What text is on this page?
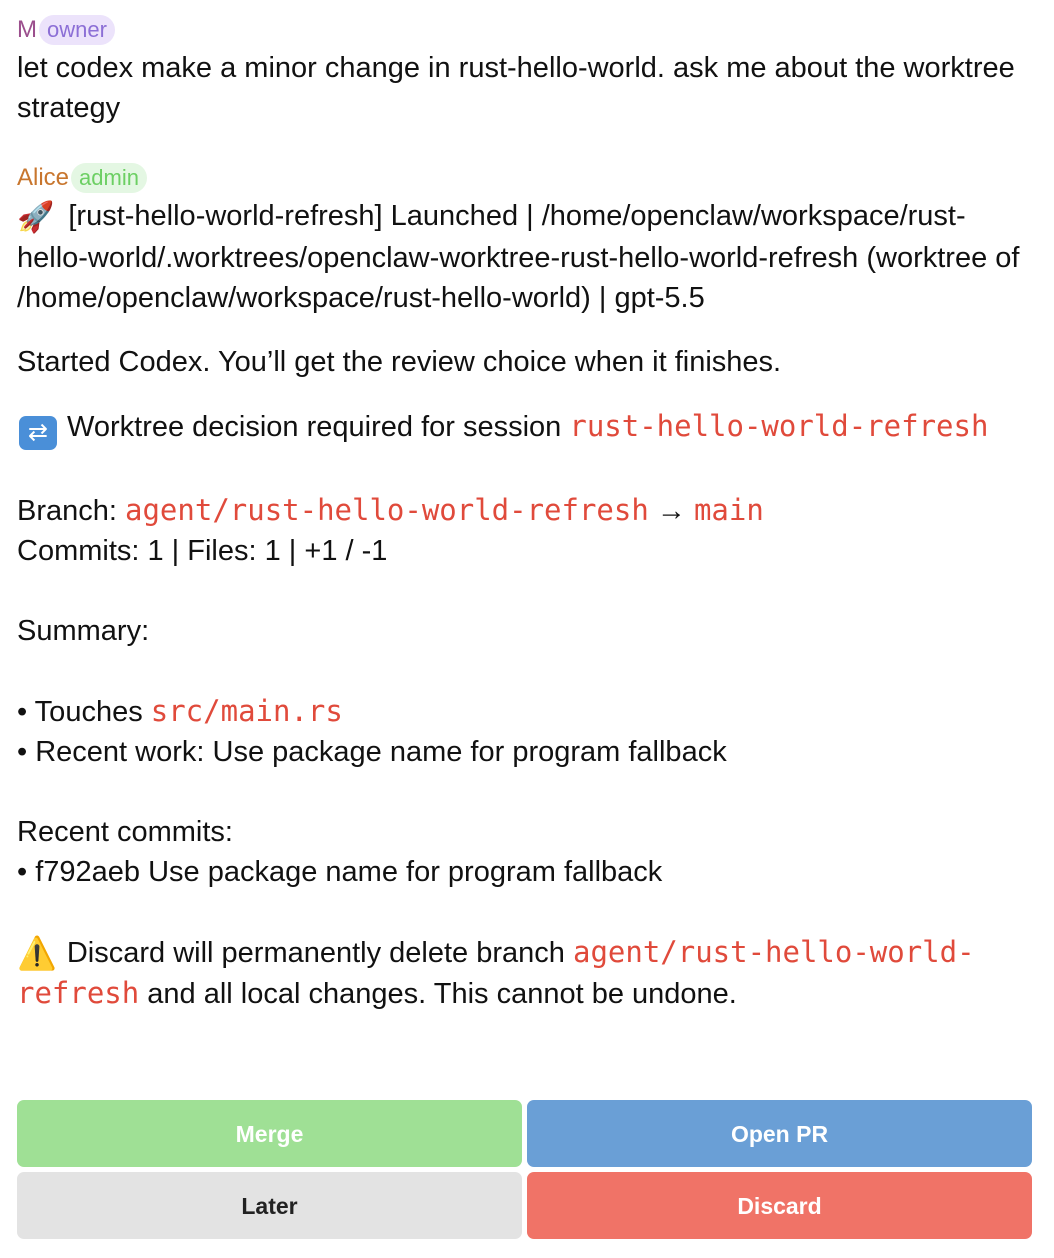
M owner

let codex make a minor change in rust-hello-world. ask me about the worktree strategy

Alice admin

🚀 [rust-hello-world-refresh] Launched | /home/openclaw/workspace/rust-hello-world/.worktrees/openclaw-worktree-rust-hello-world-refresh (worktree of /home/openclaw/workspace/rust-hello-world) | gpt-5.5

Started Codex. You’ll get the review choice when it finishes.

⇄ Worktree decision required for session rust-hello-world-refresh

Branch: agent/rust-hello-world-refresh → main

Commits: 1 | Files: 1 | +1 / -1

Summary:

• Touches src/main.rs

• Recent work: Use package name for program fallback

Recent commits:

• f792aeb Use package name for program fallback

⚠️ Discard will permanently delete branch agent/rust-hello-world-refresh and all local changes. This cannot be undone.

Merge	Open PR
Later	Discard
